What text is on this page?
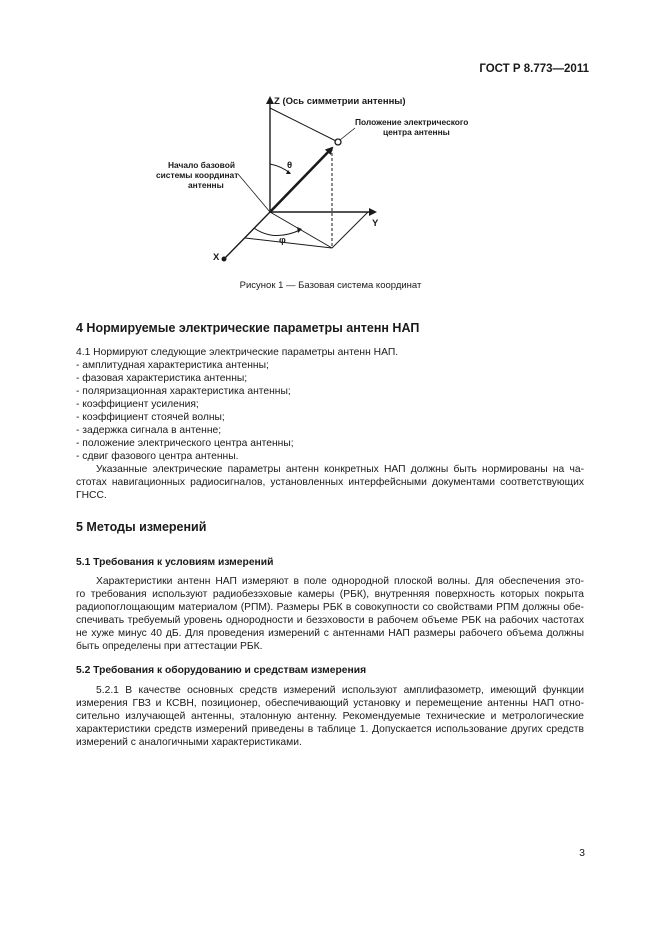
ГОСТ Р 8.773—2011
Z (Ось симметрии антенны)
Y
X
θ
φ
Положение электрического
центра антенны
Начало базовой
системы координат
антенны
Рисунок 1 — Базовая система координат
4 Нормируемые электрические параметры антенн НАП
4.1 Нормируют следующие электрические параметры антенн НАП.
- амплитудная характеристика антенны;
- фазовая характеристика антенны;
- поляризационная характеристика антенны;
- коэффициент усиления;
- коэффициент стоячей волны;
- задержка сигнала в антенне;
- положение электрического центра антенны;
- сдвиг фазового центра антенны.
Указанные электрические параметры антенн конкретных НАП должны быть нормированы на ча-
стотах навигационных радиосигналов, установленных интерфейсными документами соответствующих
ГНСС.
5 Методы измерений
5.1 Требования к условиям измерений
Характеристики антенн НАП измеряют в поле однородной плоской волны. Для обеспечения это-
го требования используют радиобезэховые камеры (РБК), внутренняя поверхность которых покрыта
радиопоглощающим материалом (РПМ). Размеры РБК в совокупности со свойствами РПМ должны обе-
спечивать требуемый уровень однородности и безэховости в рабочем объеме РБК на рабочих частотах
не хуже минус 40 дБ. Для проведения измерений с антеннами НАП размеры рабочего объема должны
быть определены при аттестации РБК.
5.2 Требования к оборудованию и средствам измерения
5.2.1 В качестве основных средств измерений используют амплифазометр, имеющий функции
измерения ГВЗ и КСВН, позиционер, обеспечивающий установку и перемещение антенны НАП отно-
сительно излучающей антенны, эталонную антенну. Рекомендуемые технические и метрологические
характеристики средств измерений приведены в таблице 1. Допускается использование других средств
измерений с аналогичными характеристиками.
3
